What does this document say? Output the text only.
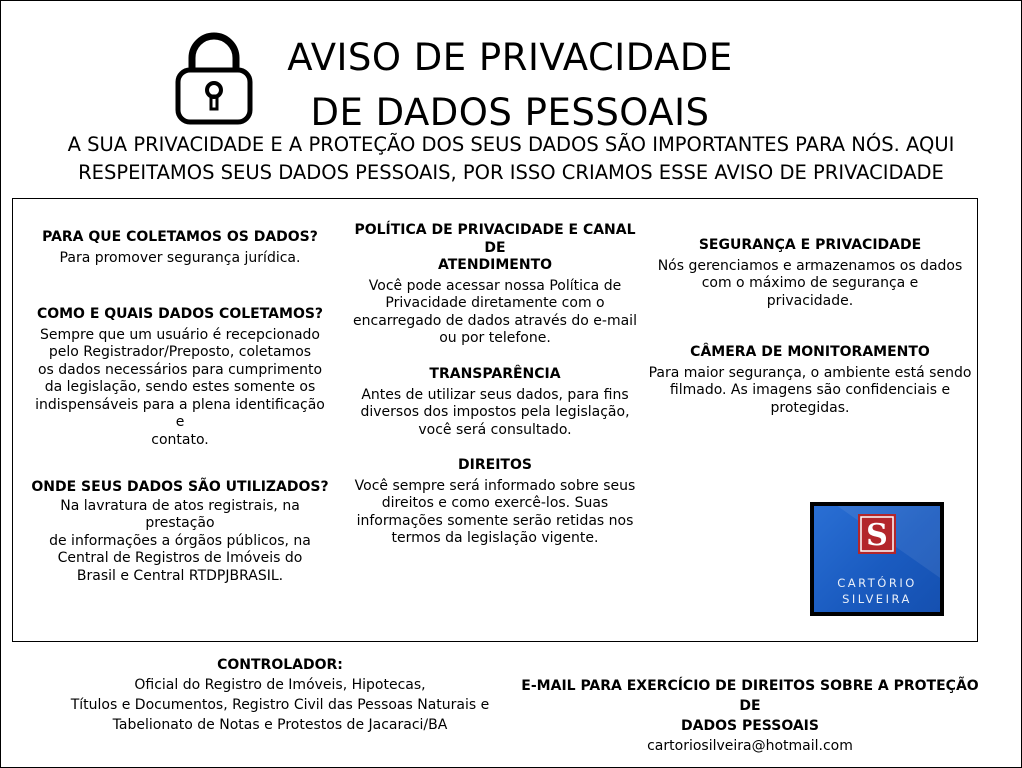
AVISO DE PRIVACIDADE
DE DADOS PESSOAIS
A SUA PRIVACIDADE E A PROTEÇÃO DOS SEUS DADOS SÃO IMPORTANTES PARA NÓS. AQUI
RESPEITAMOS SEUS DADOS PESSOAIS, POR ISSO CRIAMOS ESSE AVISO DE PRIVACIDADE
PARA QUE COLETAMOS OS DADOS?

Para promover segurança jurídica.

COMO E QUAIS DADOS COLETAMOS?
Sempre que um usuário é recepcionado
pelo Registrador/Preposto, coletamos
os dados necessários para cumprimento
da legislação, sendo estes somente os
indispensáveis para a plena identificação e
contato.
ONDE SEUS DADOS SÃO UTILIZADOS?
Na lavratura de atos registrais, na prestação
de informações a órgãos públicos, na
Central de Registros de Imóveis do
Brasil e Central RTDPJBRASIL.
POLÍTICA DE PRIVACIDADE E CANAL DE
ATENDIMENTO
Você pode acessar nossa Política de
Privacidade diretamente com o
encarregado de dados através do e-mail
ou por telefone.
TRANSPARÊNCIA
Antes de utilizar seus dados, para fins
diversos dos impostos pela legislação,
você será consultado.
DIREITOS
Você sempre será informado sobre seus
direitos e como exercê-los. Suas
informações somente serão retidas nos
termos da legislação vigente.
SEGURANÇA E PRIVACIDADE
Nós gerenciamos e armazenamos os dados
com o máximo de segurança e
privacidade.
CÂMERA DE MONITORAMENTO
Para maior segurança, o ambiente está sendo
filmado. As imagens são confidenciais e
protegidas.
S
CARTÓRIO
SILVEIRA
CONTROLADOR:
Oficial do Registro de Imóveis, Hipotecas,
Títulos e Documentos, Registro Civil das Pessoas Naturais e
Tabelionato de Notas e Protestos de Jacaraci/BA
E-MAIL PARA EXERCÍCIO DE DIREITOS SOBRE A PROTEÇÃO DE
DADOS PESSOAIS
cartoriosilveira@hotmail.com
